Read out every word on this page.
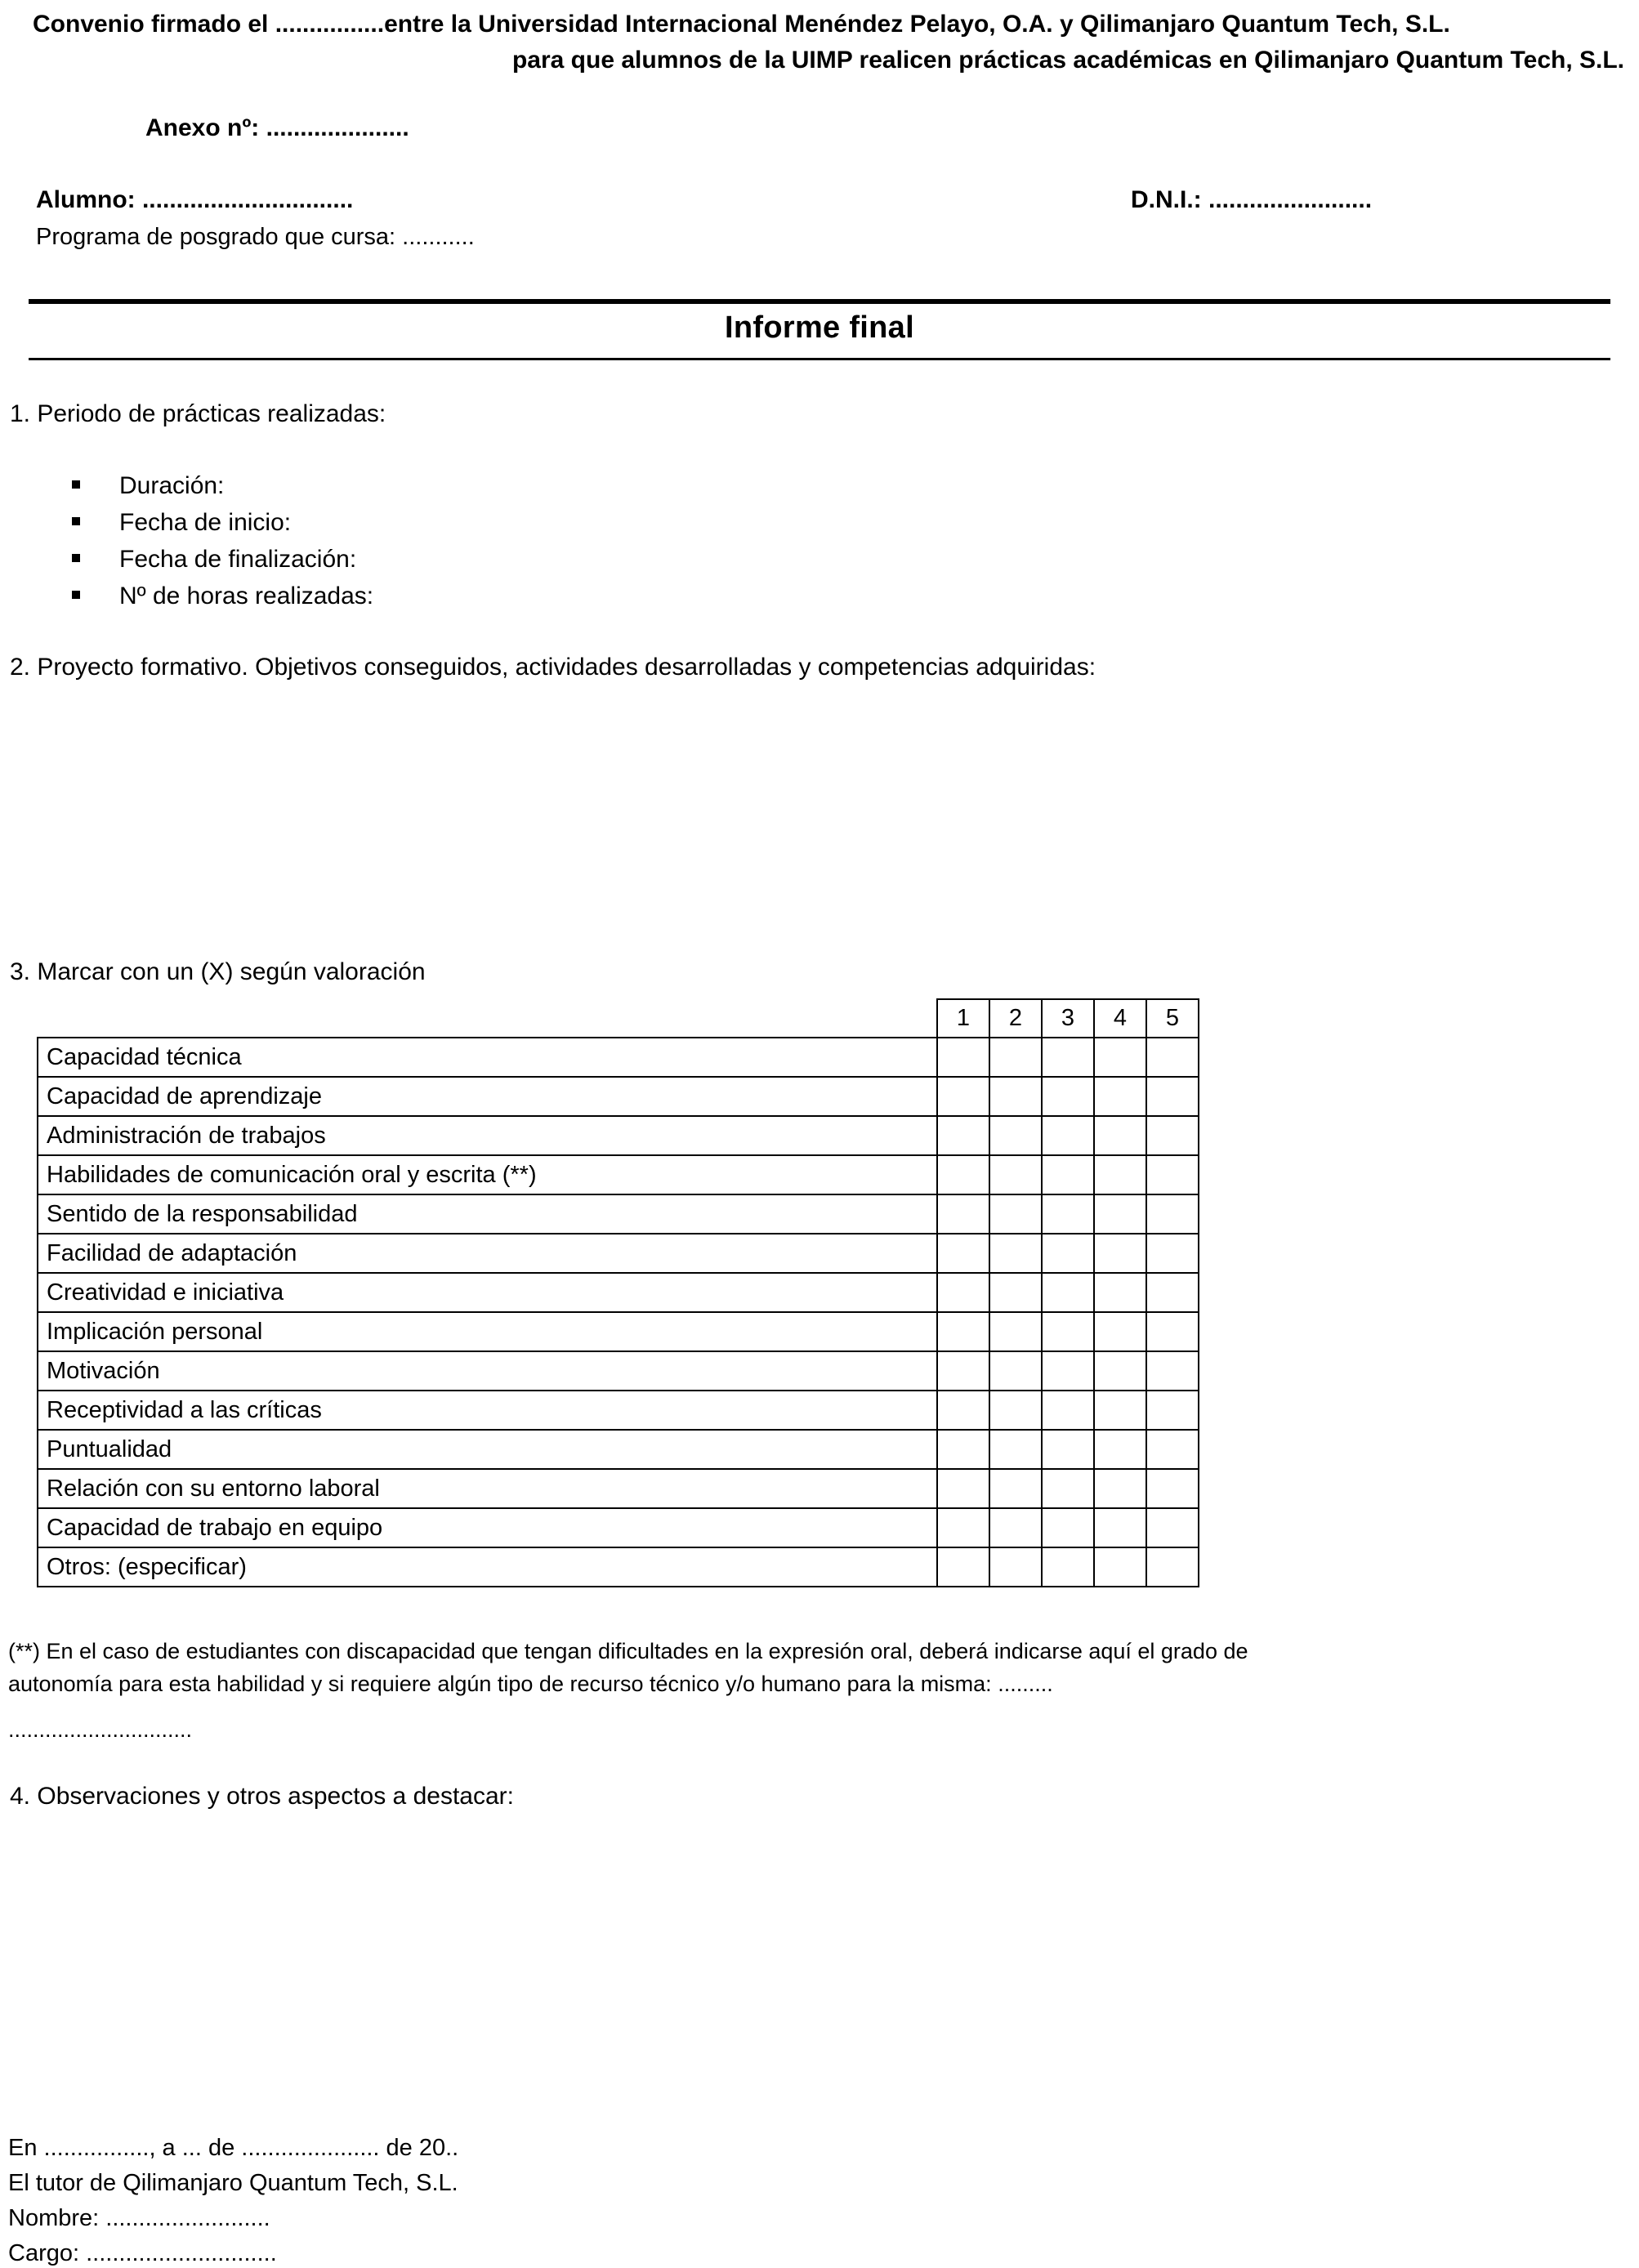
Convenio firmado el ................entre la Universidad Internacional Menéndez Pelayo, O.A. y Qilimanjaro Quantum Tech, S.L.
para que alumnos de la UIMP realicen prácticas académicas en Qilimanjaro Quantum Tech, S.L.
Anexo nº: .....................
Alumno: ...............................	D.N.I.: ........................
Programa de posgrado que cursa: ...........
Informe final
1. Periodo de prácticas realizadas:
Duración:
Fecha de inicio:
Fecha de finalización:
Nº de horas realizadas:
2. Proyecto formativo. Objetivos conseguidos, actividades desarrolladas y competencias adquiridas:
3. Marcar con un (X) según valoración
	1	2	3	4	5
Capacidad técnica					
Capacidad de aprendizaje					
Administración de trabajos					
Habilidades de comunicación oral y escrita (**)					
Sentido de la responsabilidad					
Facilidad de adaptación					
Creatividad e iniciativa					
Implicación personal					
Motivación					
Receptividad a las críticas					
Puntualidad					
Relación con su entorno laboral					
Capacidad de trabajo en equipo					
Otros: (especificar)					
(**) En el caso de estudiantes con discapacidad que tengan dificultades en la expresión oral, deberá indicarse aquí el grado de
autonomía para esta habilidad y si requiere algún tipo de recurso técnico y/o humano para la misma: .........
..............................
4. Observaciones y otros aspectos a destacar:
En ................, a ... de ..................... de 20..
El tutor de Qilimanjaro Quantum Tech, S.L.
Nombre: .........................
Cargo: .............................
